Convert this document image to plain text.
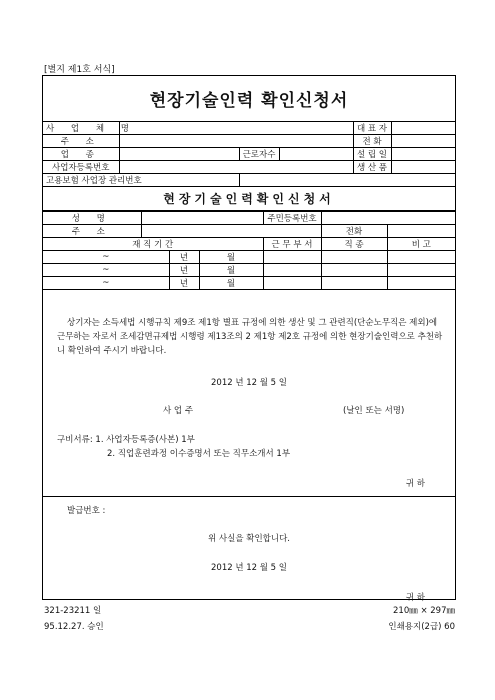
[별지 제1호 서식]
현장기술인력 확인신청서
사 업 체 명				대 표 자	
주 소				전 화	
업 종		근로자수		설 립 일	
사업자등록번호				생 산 품	
고용보험 사업장 관리번호					
현장기술인력확인신청서
성 명				주민등록번호		
주 소					전화	
재 직 기 간				근 무 부 서	직 종	비 고
~		년	월			
~		년	월			
~		년	월			
상기자는 소득세법 시행규칙 제9조 제1항 별표 규정에 의한 생산 및 그 관련직(단순노무직은 제외)에 근무하는 자로서 조세감면규제법 시행령 제13조의 2 제1항 제2호 규정에 의한 현장기술인력으로 추천하니 확인하여 주시기 바랍니다.
2012 년 12 월 5 일
사 업 주	(날인 또는 서명)
구비서류: 1. 사업자등록증(사본) 1부
2. 직업훈련과정 이수증명서 또는 직무소개서 1부
귀 하
발급번호 :
위 사실을 확인합니다.
2012 년 12 월 5 일
귀 하
321-23211 일	210㎜ × 297㎜
95.12.27. 승인	인쇄용지(2급) 60
